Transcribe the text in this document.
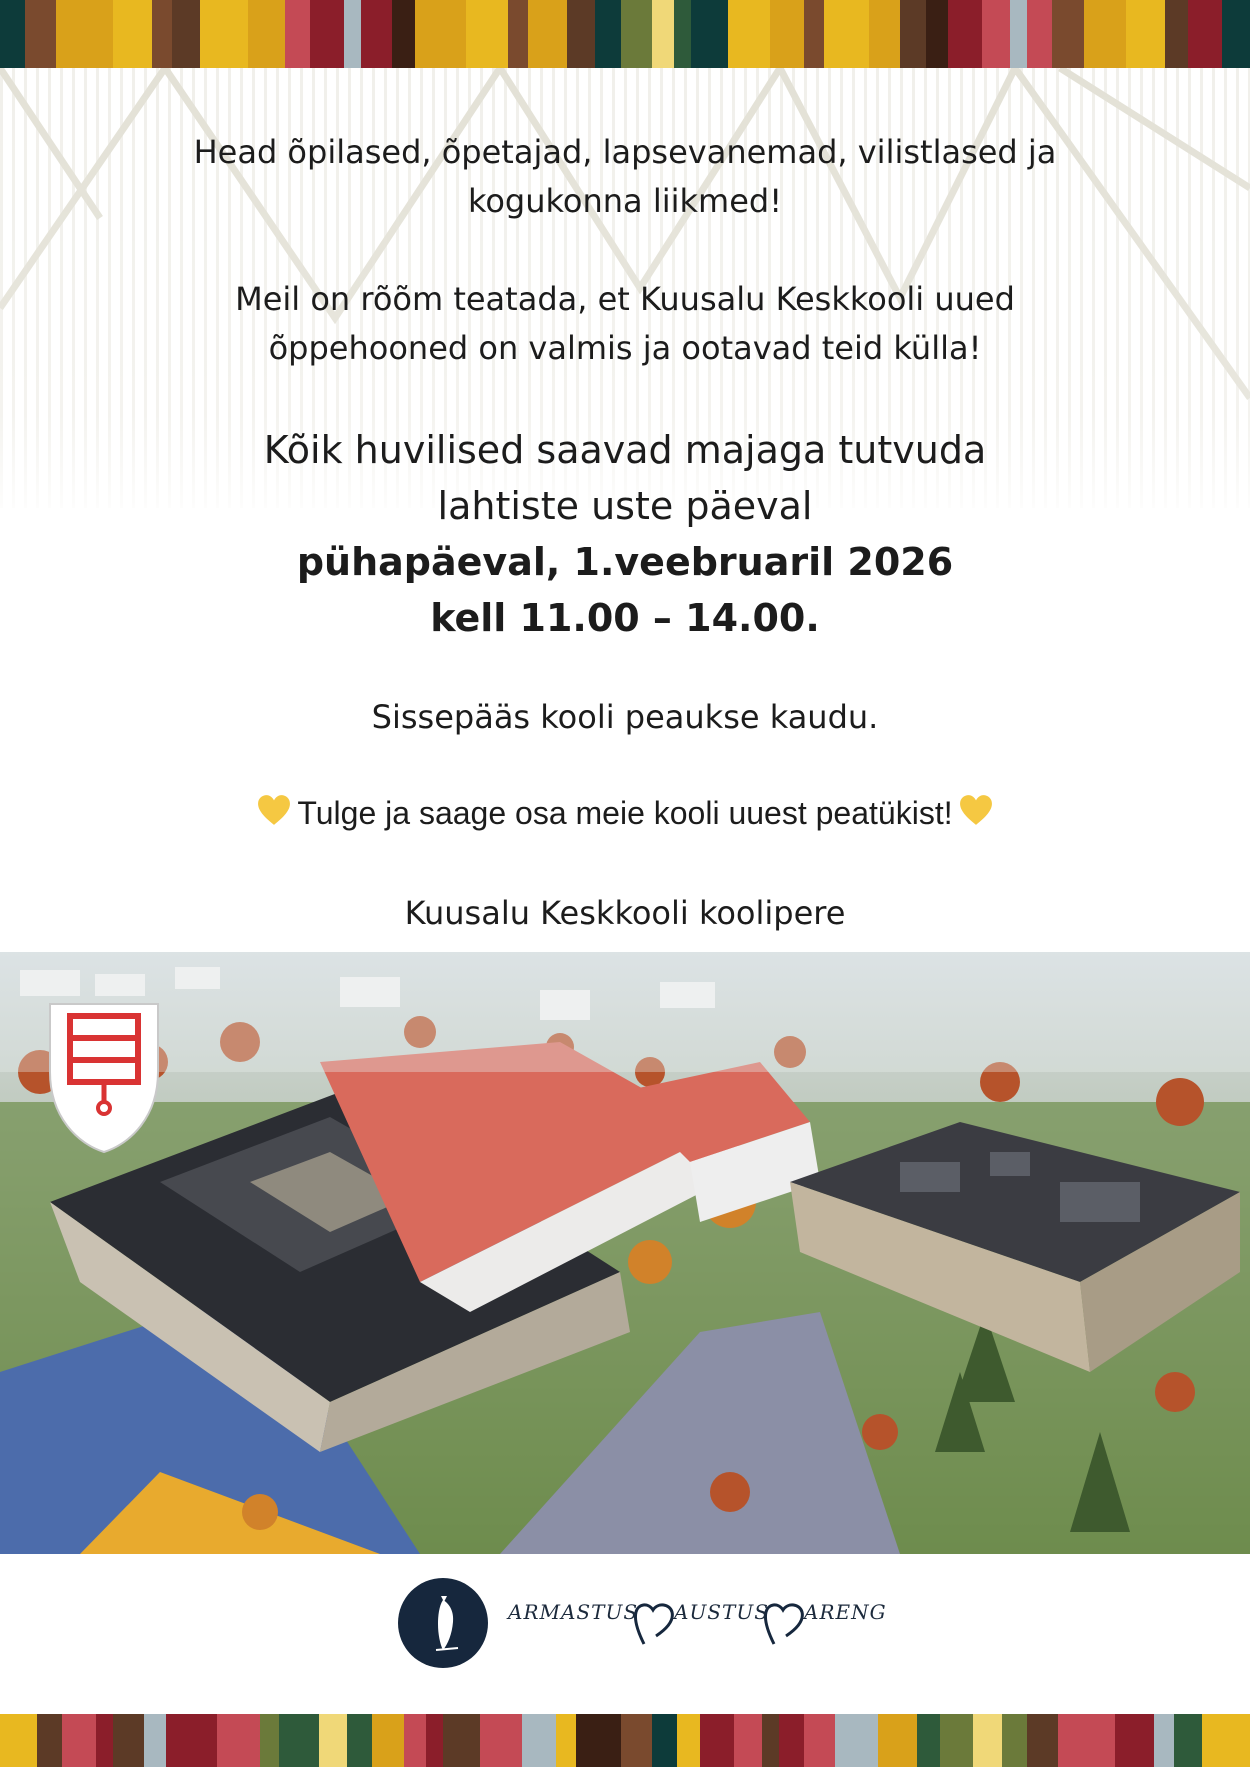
Head õpilased, õpetajad, lapsevanemad, vilistlased ja
kogukonna liikmed!
Meil on rõõm teatada, et Kuusalu Keskkooli uued
õppehooned on valmis ja ootavad teid külla!
Kõik huvilised saavad majaga tutvuda
lahtiste uste päeval
pühapäeval, 1.veebruaril 2026
kell 11.00 – 14.00.
Sissepääs kooli peaukse kaudu.
Tulge ja saage osa meie kooli uuest peatükist!
Kuusalu Keskkooli koolipere
ARMASTUS AUSTUS ARENG
